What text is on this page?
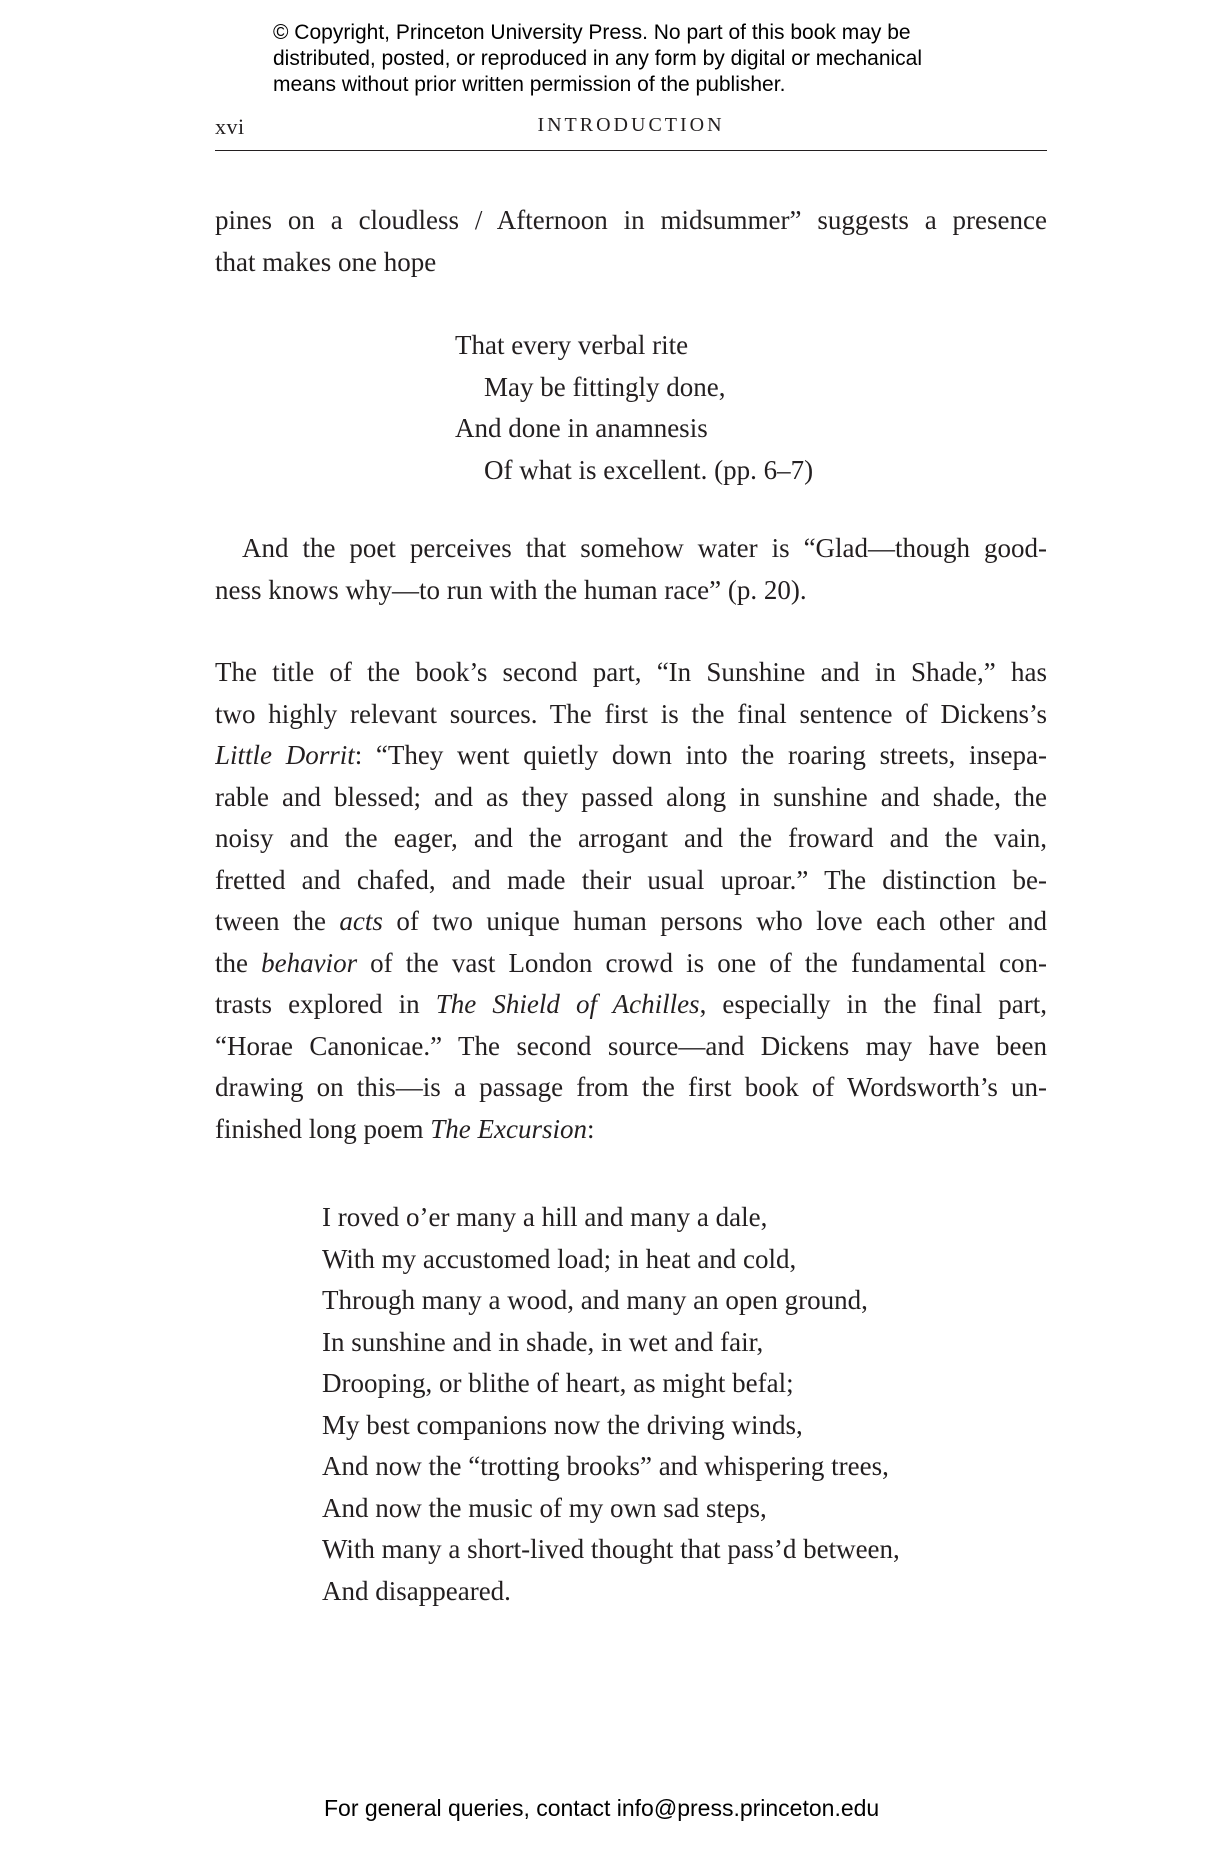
© Copyright, Princeton University Press. No part of this book may be
distributed, posted, or reproduced in any form by digital or mechanical
means without prior written permission of the publisher.
xvi	INTRODUCTION
pines on a cloudless / Afternoon in midsummer” suggests a presence
that makes one hope
That every verbal rite
May be fittingly done,
And done in anamnesis
Of what is excellent. (pp. 6–7)
And the poet perceives that somehow water is “Glad—though good-
ness knows why—to run with the human race” (p. 20).
The title of the book’s second part, “In Sunshine and in Shade,” has
two highly relevant sources. The first is the final sentence of Dickens’s
Little Dorrit: “They went quietly down into the roaring streets, insepa-
rable and blessed; and as they passed along in sunshine and shade, the
noisy and the eager, and the arrogant and the froward and the vain,
fretted and chafed, and made their usual uproar.” The distinction be-
tween the acts of two unique human persons who love each other and
the behavior of the vast London crowd is one of the fundamental con-
trasts explored in The Shield of Achilles, especially in the final part,
“Horae Canonicae.” The second source—and Dickens may have been
drawing on this—is a passage from the first book of Wordsworth’s un-
finished long poem The Excursion:
I roved o’er many a hill and many a dale,
With my accustomed load; in heat and cold,
Through many a wood, and many an open ground,
In sunshine and in shade, in wet and fair,
Drooping, or blithe of heart, as might befal;
My best companions now the driving winds,
And now the “trotting brooks” and whispering trees,
And now the music of my own sad steps,
With many a short-lived thought that pass’d between,
And disappeared.
For general queries, contact info@press.princeton.edu
